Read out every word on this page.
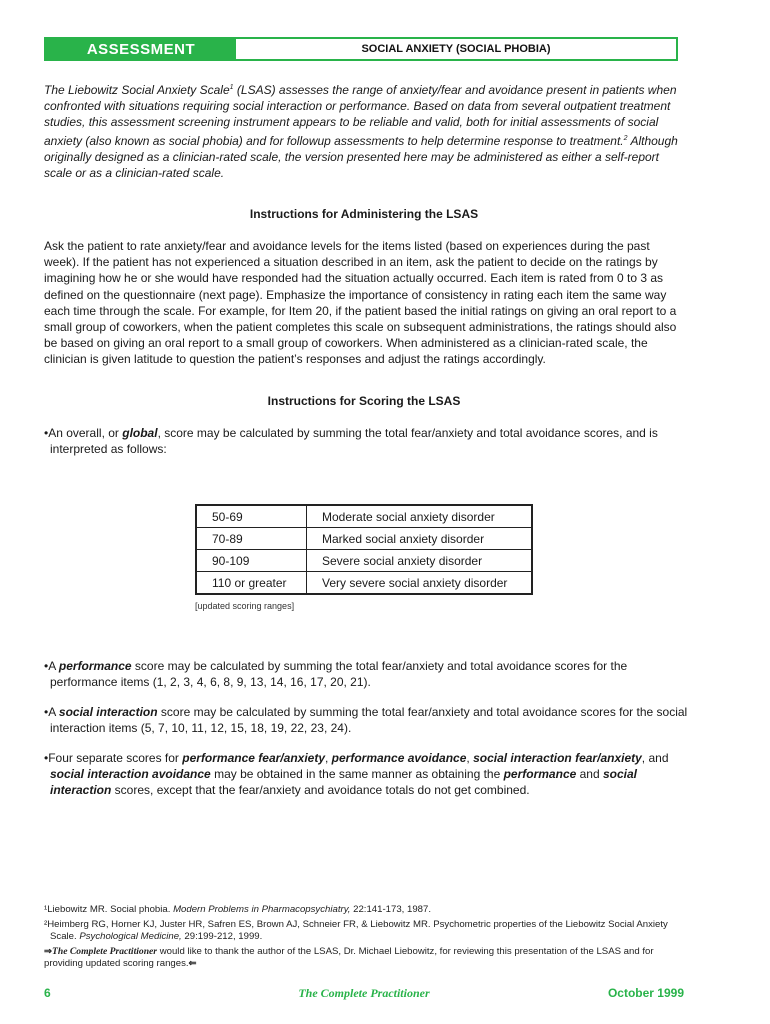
ASSESSMENT	SOCIAL ANXIETY (SOCIAL PHOBIA)

The Liebowitz Social Anxiety Scale$^1$ (LSAS) assesses the range of anxiety/fear and avoidance present in patients when confronted with situations requiring social interaction or performance. Based on data from several outpatient treatment studies, this assessment screening instrument appears to be reliable and valid, both for initial assessments of social anxiety (also known as social phobia) and for followup assessments to help determine response to treatment.$^2$ Although originally designed as a clinician-rated scale, the version presented here may be administered as either a self-report scale or as a clinician-rated scale.

Instructions for Administering the LSAS

Ask the patient to rate anxiety/fear and avoidance levels for the items listed (based on experiences during the past week). If the patient has not experienced a situation described in an item, ask the patient to decide on the ratings by imagining how he or she would have responded had the situation actually occurred. Each item is rated from 0 to 3 as defined on the questionnaire (next page). Emphasize the importance of consistency in rating each item the same way each time through the scale. For example, for Item 20, if the patient based the initial ratings on giving an oral report to a small group of coworkers, when the patient completes this scale on subsequent administrations, the ratings should also be based on giving an oral report to a small group of coworkers. When administered as a clinician-rated scale, the clinician is given latitude to question the patient’s responses and adjust the ratings accordingly.

Instructions for Scoring the LSAS

•An overall, or global, score may be calculated by summing the total fear/anxiety and total avoidance scores, and is interpreted as follows:

50-69	Moderate social anxiety disorder
70-89	Marked social anxiety disorder
90-109	Severe social anxiety disorder
110 or greater	Very severe social anxiety disorder

[updated scoring ranges]

•A performance score may be calculated by summing the total fear/anxiety and total avoidance scores for the performance items (1, 2, 3, 4, 6, 8, 9, 13, 14, 16, 17, 20, 21).

•A social interaction score may be calculated by summing the total fear/anxiety and total avoidance scores for the social interaction items (5, 7, 10, 11, 12, 15, 18, 19, 22, 23, 24).

•Four separate scores for performance fear/anxiety, performance avoidance, social interaction fear/anxiety, and social interaction avoidance may be obtained in the same manner as obtaining the performance and social interaction scores, except that the fear/anxiety and avoidance totals do not get combined.

¹Liebowitz MR. Social phobia. Modern Problems in Pharmacopsychiatry, 22:141-173, 1987.

²Heimberg RG, Horner KJ, Juster HR, Safren ES, Brown AJ, Schneier FR, & Liebowitz MR. Psychometric properties of the Liebowitz Social Anxiety Scale. Psychological Medicine, 29:199-212, 1999.

⇒The Complete Practitioner would like to thank the author of the LSAS, Dr. Michael Liebowitz, for reviewing this presentation of the LSAS and for providing updated scoring ranges.⇐

6	The Complete Practitioner	October 1999
